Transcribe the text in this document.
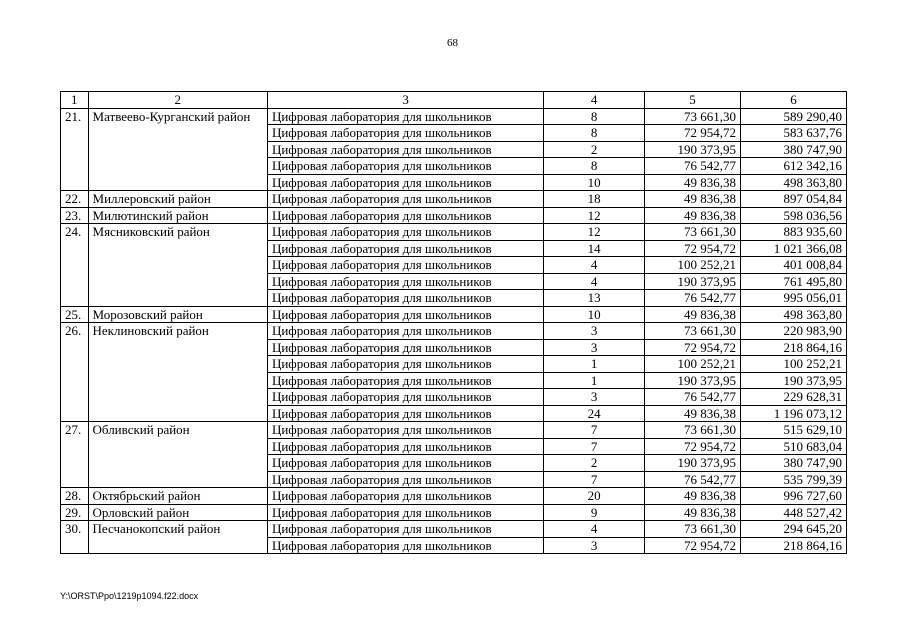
68
1	2	3	4	5	6
21.	Матвеево-Курганский район	Цифровая лаборатория для школьников	8	73 661,30	589 290,40
		Цифровая лаборатория для школьников	8	72 954,72	583 637,76
		Цифровая лаборатория для школьников	2	190 373,95	380 747,90
		Цифровая лаборатория для школьников	8	76 542,77	612 342,16
		Цифровая лаборатория для школьников	10	49 836,38	498 363,80
22.	Миллеровский район	Цифровая лаборатория для школьников	18	49 836,38	897 054,84
23.	Милютинский район	Цифровая лаборатория для школьников	12	49 836,38	598 036,56
24.	Мясниковский район	Цифровая лаборатория для школьников	12	73 661,30	883 935,60
		Цифровая лаборатория для школьников	14	72 954,72	1 021 366,08
		Цифровая лаборатория для школьников	4	100 252,21	401 008,84
		Цифровая лаборатория для школьников	4	190 373,95	761 495,80
		Цифровая лаборатория для школьников	13	76 542,77	995 056,01
25.	Морозовский район	Цифровая лаборатория для школьников	10	49 836,38	498 363,80
26.	Неклиновский район	Цифровая лаборатория для школьников	3	73 661,30	220 983,90
		Цифровая лаборатория для школьников	3	72 954,72	218 864,16
		Цифровая лаборатория для школьников	1	100 252,21	100 252,21
		Цифровая лаборатория для школьников	1	190 373,95	190 373,95
		Цифровая лаборатория для школьников	3	76 542,77	229 628,31
		Цифровая лаборатория для школьников	24	49 836,38	1 196 073,12
27.	Обливский район	Цифровая лаборатория для школьников	7	73 661,30	515 629,10
		Цифровая лаборатория для школьников	7	72 954,72	510 683,04
		Цифровая лаборатория для школьников	2	190 373,95	380 747,90
		Цифровая лаборатория для школьников	7	76 542,77	535 799,39
28.	Октябрьский район	Цифровая лаборатория для школьников	20	49 836,38	996 727,60
29.	Орловский район	Цифровая лаборатория для школьников	9	49 836,38	448 527,42
30.	Песчанокопский район	Цифровая лаборатория для школьников	4	73 661,30	294 645,20
		Цифровая лаборатория для школьников	3	72 954,72	218 864,16
Y:\ORST\Ppo\1219p1094.f22.docx
